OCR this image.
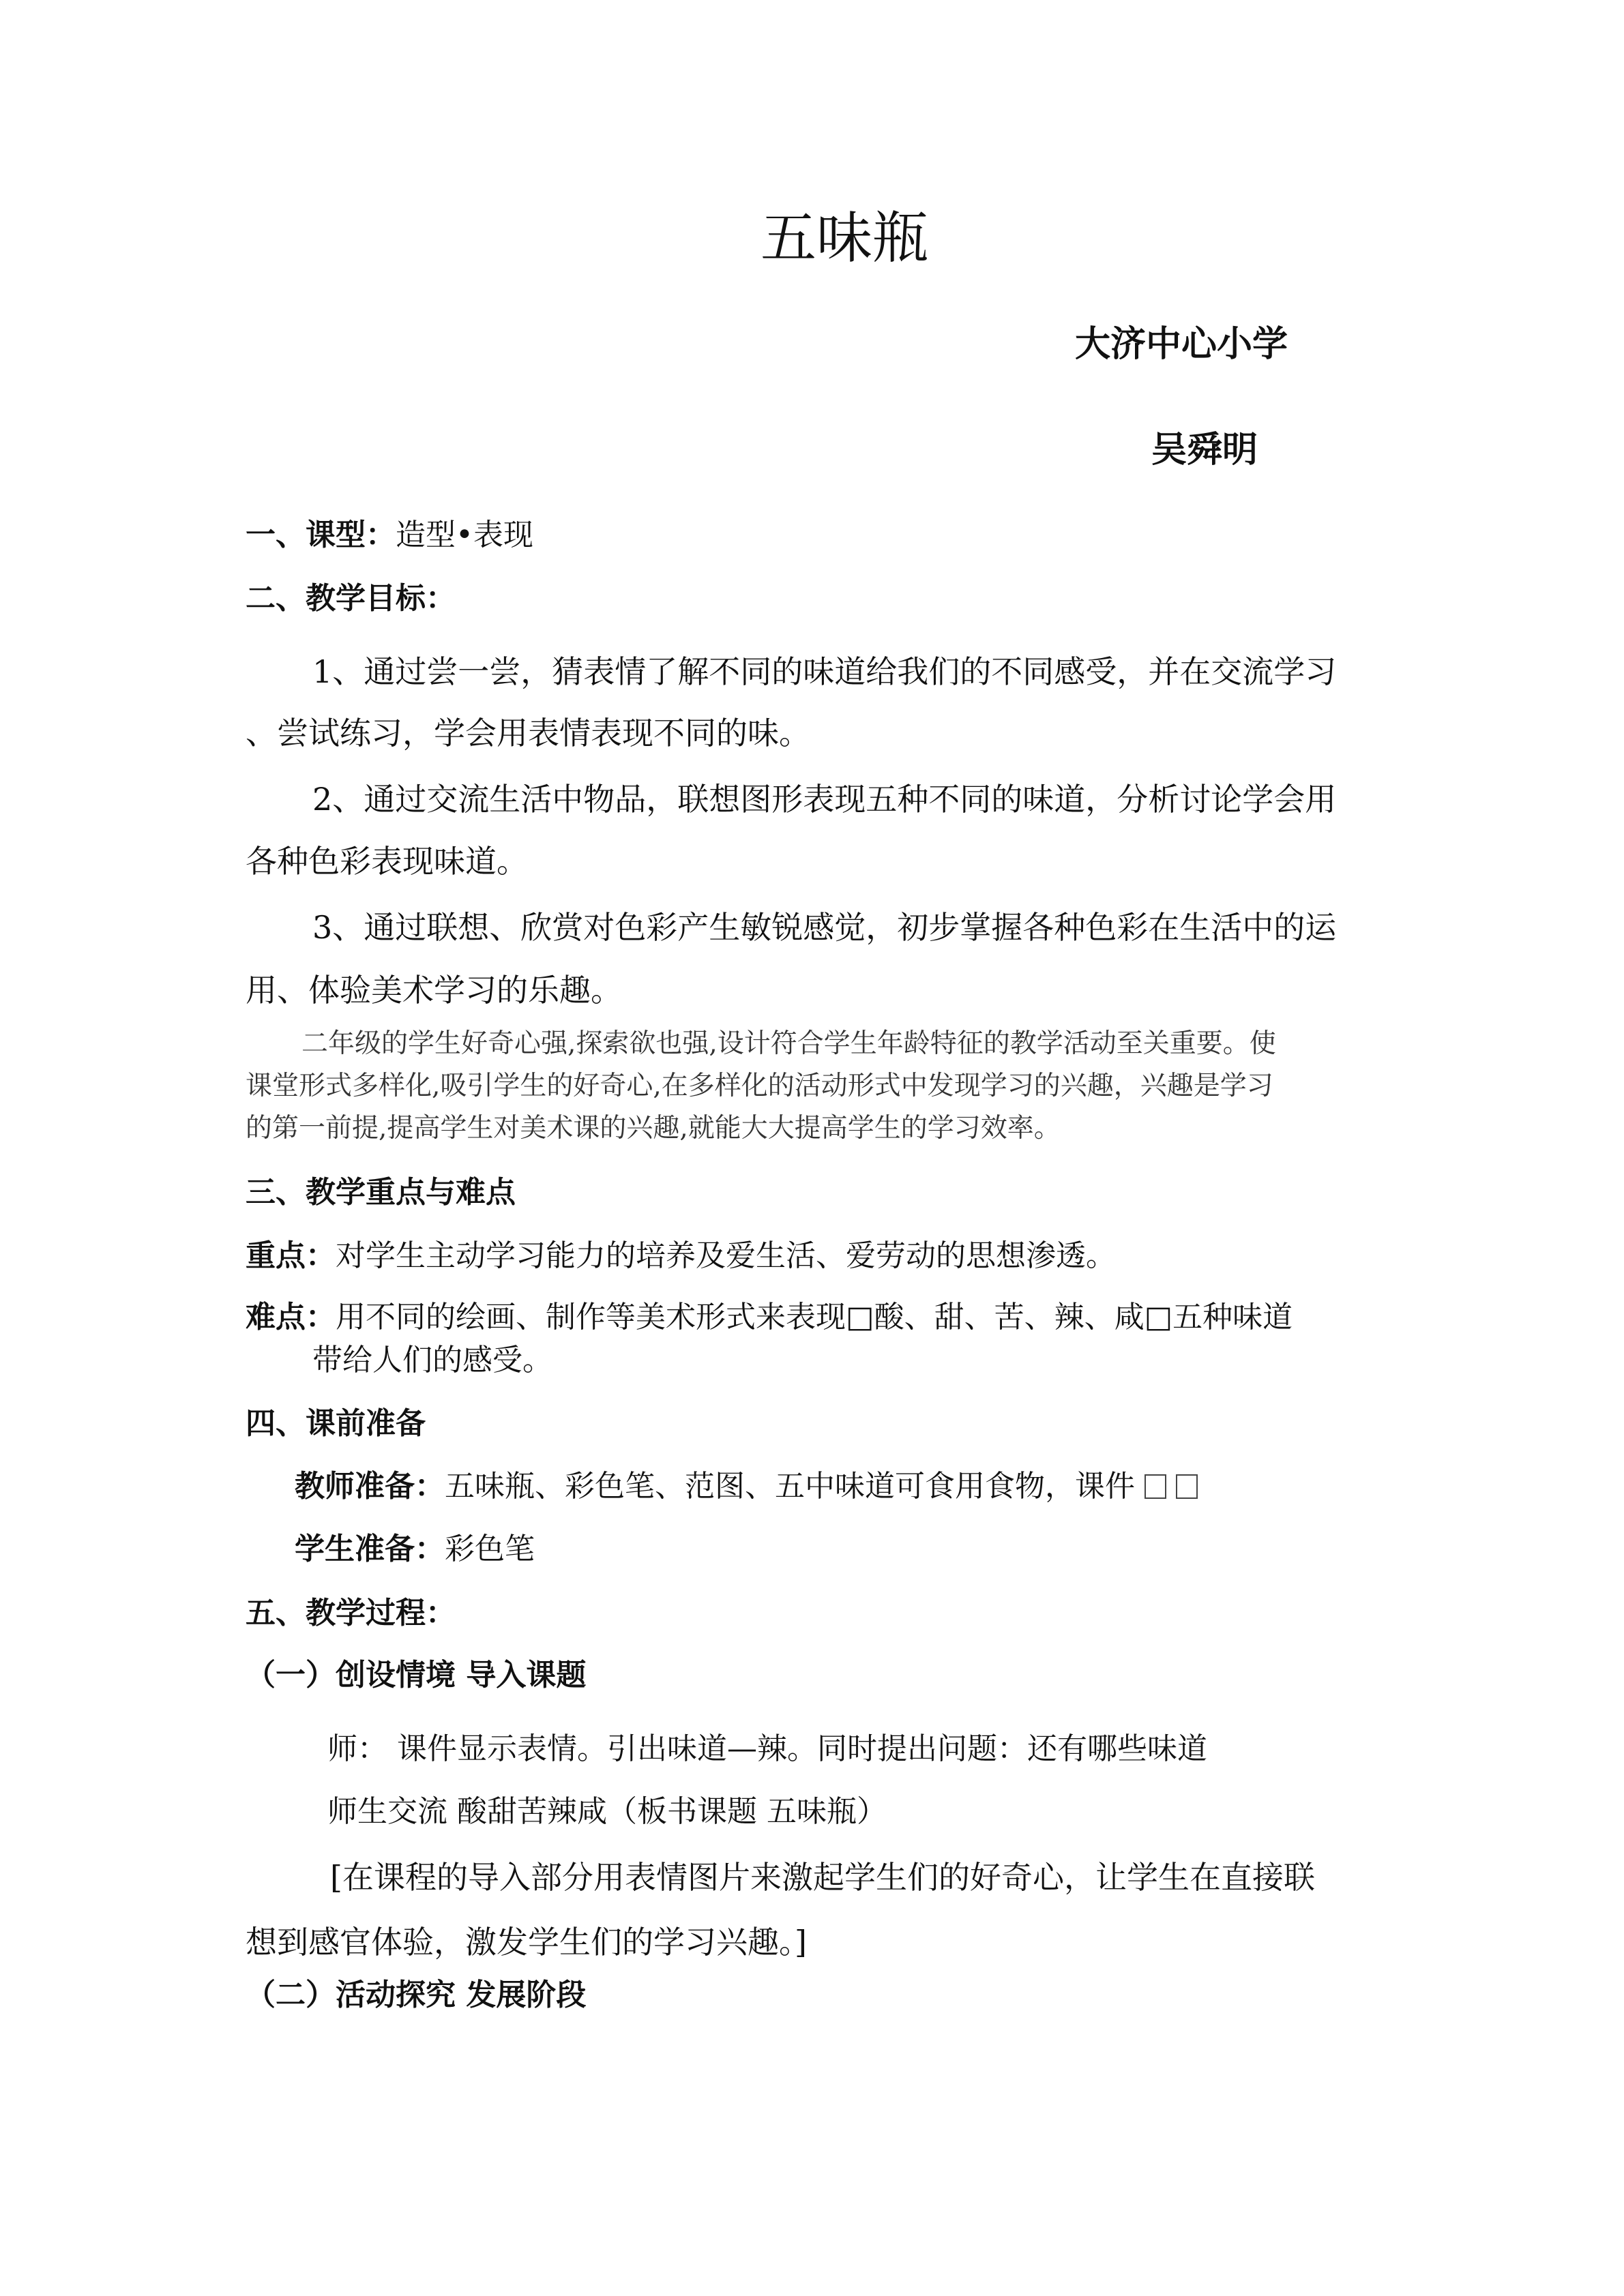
五味瓶
大济中心小学
吴舜明
一、课型：造型•表现
二、教学目标：
1、通过尝一尝，猜表情了解不同的味道给我们的不同感受，并在交流学习
、尝试练习，学会用表情表现不同的味。
2、通过交流生活中物品，联想图形表现五种不同的味道，分析讨论学会用
各种色彩表现味道。
3、通过联想、欣赏对色彩产生敏锐感觉，初步掌握各种色彩在生活中的运
用、体验美术学习的乐趣。
二年级的学生好奇心强,探索欲也强,设计符合学生年龄特征的教学活动至关重要。使
课堂形式多样化,吸引学生的好奇心,在多样化的活动形式中发现学习的兴趣，兴趣是学习
的第一前提,提高学生对美术课的兴趣,就能大大提高学生的学习效率。
三、教学重点与难点
重点：对学生主动学习能力的培养及爱生活、爱劳动的思想渗透。
难点：用不同的绘画、制作等美术形式来表现□酸、甜、苦、辣、咸□五种味道
带给人们的感受。
四、课前准备
教师准备：五味瓶、彩色笔、范图、五中味道可食用食物，课件
学生准备：彩色笔
五、教学过程：
（一）创设情境 导入课题
师： 课件显示表情。引出味道—辣。同时提出问题：还有哪些味道
师生交流 酸甜苦辣咸（板书课题 五味瓶）
[在课程的导入部分用表情图片来激起学生们的好奇心，让学生在直接联
想到感官体验，激发学生们的学习兴趣。]
（二）活动探究 发展阶段
